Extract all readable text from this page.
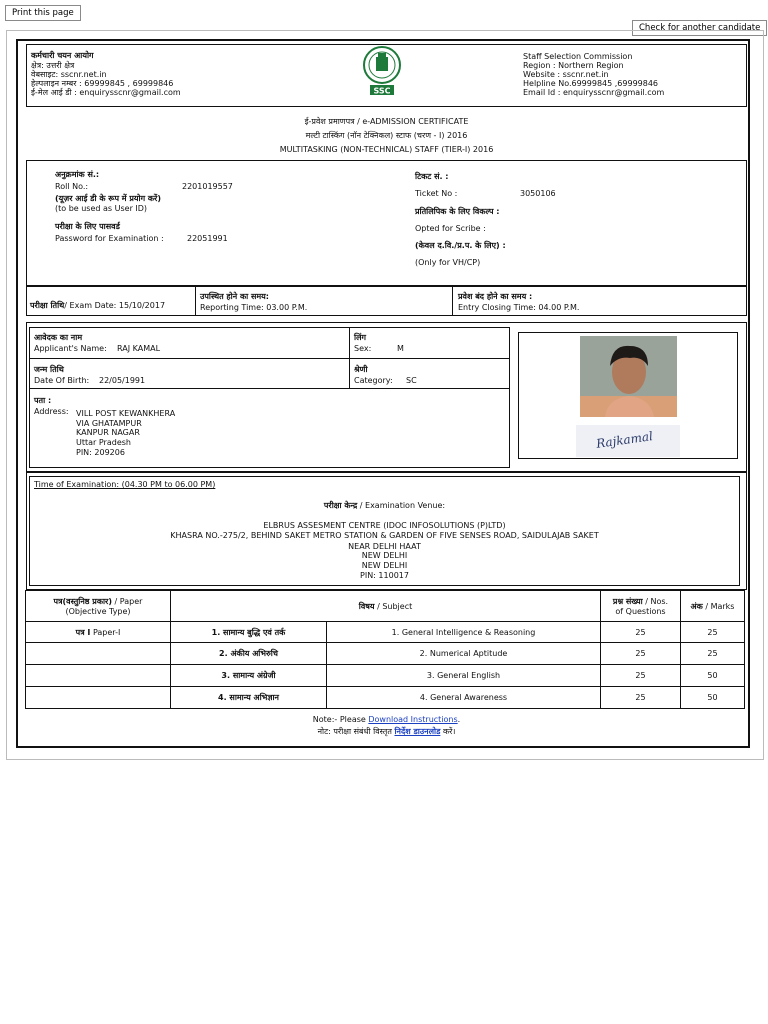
Print this page
Check for another candidate
कर्मचारी चयन आयोग
क्षेत्र: उत्तरी क्षेत्र
वेबसाइट: sscnr.net.in
हेल्पलाइन नम्बर : 69999845 , 69999846
ई-मेल आई डी : enquirysscnr@gmail.com	SSC
Staff Selection Commission
Region : Northern Region
Website : sscnr.net.in
Helpline No.69999845 ,69999846
Email Id : enquirysscnr@gmail.com
ई-प्रवेश प्रमाणपत्र / e-ADMISSION CERTIFICATE
मल्टी टास्किंग (नॉन टेक्निकल) स्टाफ (चरण - I) 2016
MULTITASKING (NON-TECHNICAL) STAFF (TIER-I) 2016
अनुक्रमांक सं.:
Roll No.:	2201019557
(यूज़र आई डी के रूप में प्रयोग करें)
(to be used as User ID)
परीक्षा के लिए पासवर्ड
Password for Examination :	22051991
टिकट सं. :
Ticket No :	3050106
प्रतिलिपिक के लिए विकल्प :
Opted for Scribe :
(केवल द.वि./प्र.प. के लिए) :
(Only for VH/CP)
परीक्षा तिथि/ Exam Date: 15/10/2017
उपस्थित होने का समय:
Reporting Time: 03.00 P.M.
प्रवेश बंद होने का समय :
Entry Closing Time: 04.00 P.M.
आवेदक का नाम
Applicant's Name: RAJ KAMAL
लिंग
Sex:	M
जन्म तिथि
Date Of Birth: 22/05/1991
श्रेणी
Category: SC
पता :
Address: VILL POST KEWANKHERA
VIA GHATAMPUR
KANPUR NAGAR
Uttar Pradesh
PIN: 209206
Rajkamal
Time of Examination: (04.30 PM to 06.00 PM)
परीक्षा केन्द्र / Examination Venue:
ELBRUS ASSESMENT CENTRE (IDOC INFOSOLUTIONS (P)LTD)
KHASRA NO.-275/2, BEHIND SAKET METRO STATION & GARDEN OF FIVE SENSES ROAD, SAIDULAJAB SAKET
NEAR DELHI HAAT
NEW DELHI
NEW DELHI
PIN: 110017
पत्र(वस्तुनिष्ठ प्रकार) / Paper
(Objective Type)	विषय / Subject		प्रश्न संख्या / Nos.
of Questions	अंक / Marks
पत्र I Paper-I	1. सामान्य बुद्धि एवं तर्क	1. General Intelligence & Reasoning	25	25
	2. अंकीय अभिरुचि	2. Numerical Aptitude	25	25
	3. सामान्य अंग्रेजी	3. General English	25	50
	4. सामान्य अभिज्ञान	4. General Awareness	25	50
Note:- Please Download Instructions.
नोट: परीक्षा संबंधी विस्तृत निर्देश डाउनलोड करें।
